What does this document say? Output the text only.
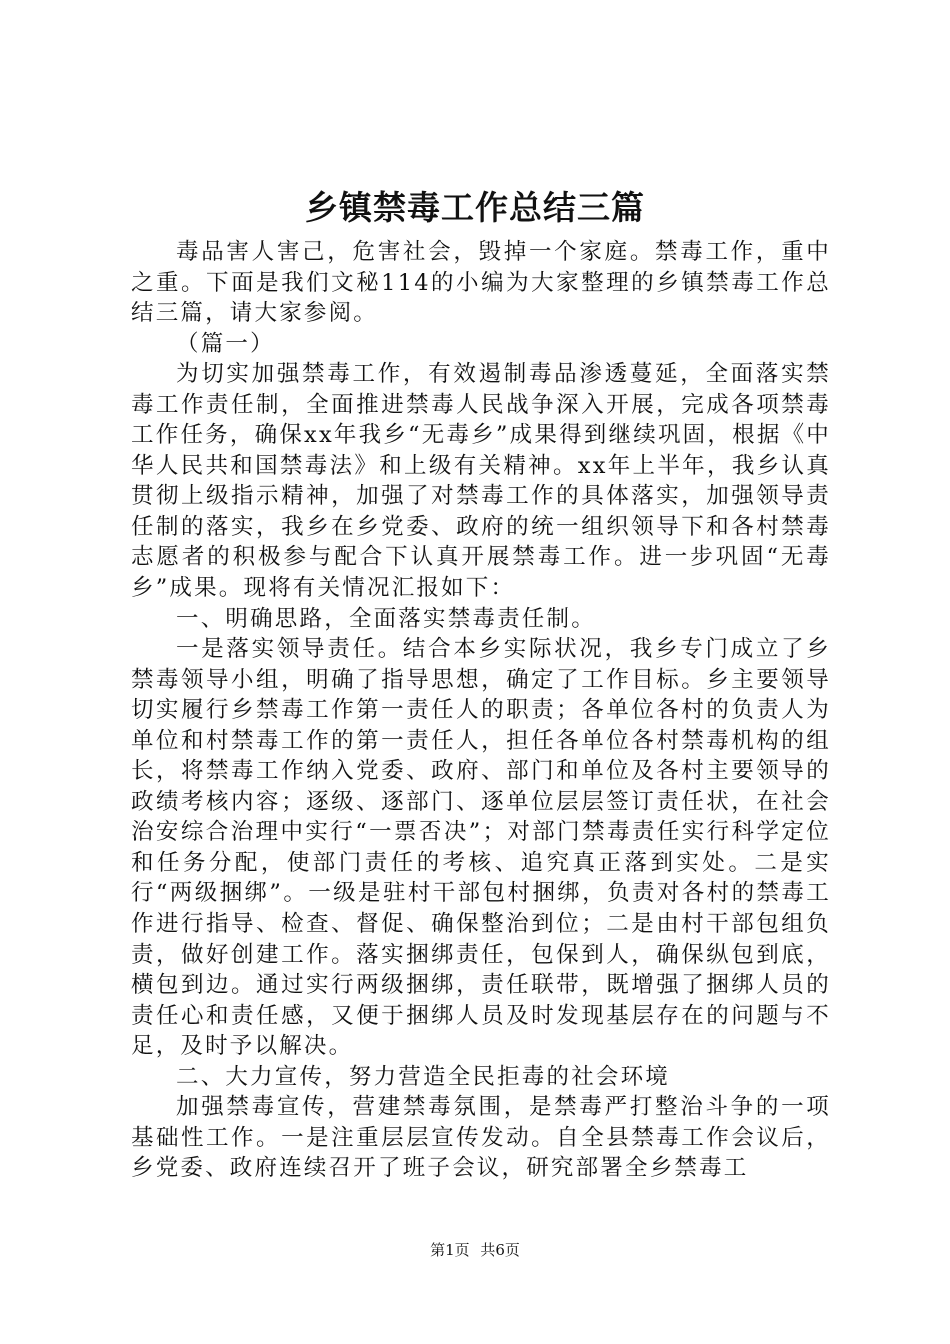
乡镇禁毒工作总结三篇

毒品害人害己，危害社会，毁掉一个家庭。禁毒工作，重中之重。下面是我们文秘114的小编为大家整理的乡镇禁毒工作总结三篇，请大家参阅。

（篇一）

为切实加强禁毒工作，有效遏制毒品渗透蔓延，全面落实禁毒工作责任制，全面推进禁毒人民战争深入开展，完成各项禁毒工作任务，确保xx年我乡“无毒乡”成果得到继续巩固，根据《中华人民共和国禁毒法》和上级有关精神。xx年上半年，我乡认真贯彻上级指示精神，加强了对禁毒工作的具体落实，加强领导责任制的落实，我乡在乡党委、政府的统一组织领导下和各村禁毒志愿者的积极参与配合下认真开展禁毒工作。进一步巩固“无毒乡”成果。现将有关情况汇报如下：

一、明确思路，全面落实禁毒责任制。

一是落实领导责任。结合本乡实际状况，我乡专门成立了乡禁毒领导小组，明确了指导思想，确定了工作目标。乡主要领导切实履行乡禁毒工作第一责任人的职责；各单位各村的负责人为单位和村禁毒工作的第一责任人，担任各单位各村禁毒机构的组长，将禁毒工作纳入党委、政府、部门和单位及各村主要领导的政绩考核内容；逐级、逐部门、逐单位层层签订责任状，在社会治安综合治理中实行“一票否决”；对部门禁毒责任实行科学定位和任务分配，使部门责任的考核、追究真正落到实处。二是实行“两级捆绑”。一级是驻村干部包村捆绑，负责对各村的禁毒工作进行指导、检查、督促、确保整治到位；二是由村干部包组负责，做好创建工作。落实捆绑责任，包保到人，确保纵包到底，横包到边。通过实行两级捆绑，责任联带，既增强了捆绑人员的责任心和责任感，又便于捆绑人员及时发现基层存在的问题与不足，及时予以解决。

二、大力宣传，努力营造全民拒毒的社会环境

加强禁毒宣传，营建禁毒氛围，是禁毒严打整治斗争的一项基础性工作。一是注重层层宣传发动。自全县禁毒工作会议后，乡党委、政府连续召开了班子会议，研究部署全乡禁毒工

第1页 共6页
